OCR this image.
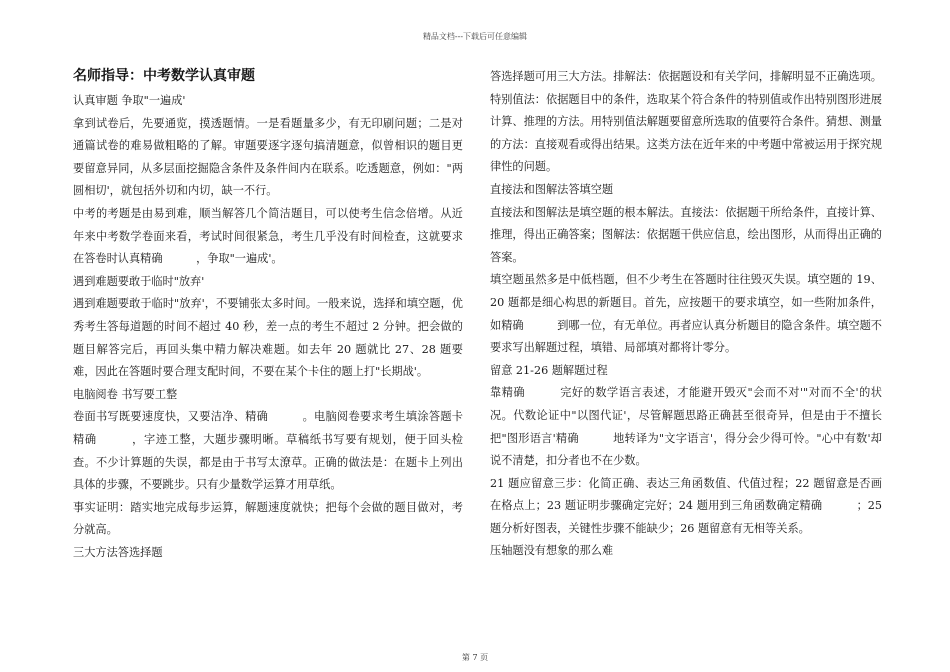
精品文档---下载后可任意编辑
名师指导：中考数学认真审题

认真审题 争取"一遍成'

拿到试卷后，先要通览，摸透题情。一是看题量多少，有无印刷问题；二是对通篇试卷的难易做粗略的了解。审题要逐字逐句搞清题意，似曾相识的题目更要留意异同，从多层面挖掘隐含条件及条件间内在联系。吃透题意，例如："两圆相切'，就包括外切和内切，缺一不行。

中考的考题是由易到难，顺当解答几个简洁题目，可以使考生信念倍增。从近年来中考数学卷面来看，考试时间很紧急，考生几乎没有时间检查，这就要求在答卷时认真精确　　　，争取"一遍成'。

遇到难题要敢于临时"放弃'

遇到难题要敢于临时"放弃'，不要铺张太多时间。一般来说，选择和填空题，优秀考生答每道题的时间不超过 40 秒，差一点的考生不超过 2 分钟。把会做的题目解答完后，再回头集中精力解决难题。如去年 20 题就比 27、28 题要难，因此在答题时要合理支配时间，不要在某个卡住的题上打"长期战'。

电脑阅卷 书写要工整

卷面书写既要速度快，又要洁净、精确　　　。电脑阅卷要求考生填涂答题卡精确　　　，字迹工整，大题步骤明晰。草稿纸书写要有规划，便于回头检查。不少计算题的失误，都是由于书写太潦草。正确的做法是：在题卡上列出具体的步骤，不要跳步。只有少量数学运算才用草纸。

事实证明：踏实地完成每步运算，解题速度就快；把每个会做的题目做对，考分就高。

三大方法答选择题

答选择题可用三大方法。排解法：依据题设和有关学问，排解明显不正确选项。特别值法：依据题目中的条件，选取某个符合条件的特别值或作出特别图形进展计算、推理的方法。用特别值法解题要留意所选取的值要符合条件。猜想、测量的方法：直接观看或得出结果。这类方法在近年来的中考题中常被运用于探究规律性的问题。

直接法和图解法答填空题

直接法和图解法是填空题的根本解法。直接法：依据题干所给条件，直接计算、推理，得出正确答案；图解法：依据题干供应信息，绘出图形，从而得出正确的答案。

填空题虽然多是中低档题，但不少考生在答题时往往毁灭失误。填空题的 19、20 题都是细心构思的新题目。首先，应按题干的要求填空，如一些附加条件，如精确　　　到哪一位，有无单位。再者应认真分析题目的隐含条件。填空题不要求写出解题过程，填错、局部填对都将计零分。

留意 21-26 题解题过程

靠精确　　　完好的数学语言表述，才能避开毁灭"会而不对'"对而不全'的状况。代数论证中"以图代证'，尽管解题思路正确甚至很奇异，但是由于不擅长把"图形语言'精确　　　地转译为"文字语言'，得分会少得可怜。"心中有数'却说不清楚，扣分者也不在少数。

21 题应留意三步：化简正确、表达三角函数值、代值过程；22 题留意是否画在格点上；23 题证明步骤确定完好；24 题用到三角函数确定精确　　　；25 题分析好图表，关键性步骤不能缺少；26 题留意有无相等关系。

压轴题没有想象的那么难

第 7 页
